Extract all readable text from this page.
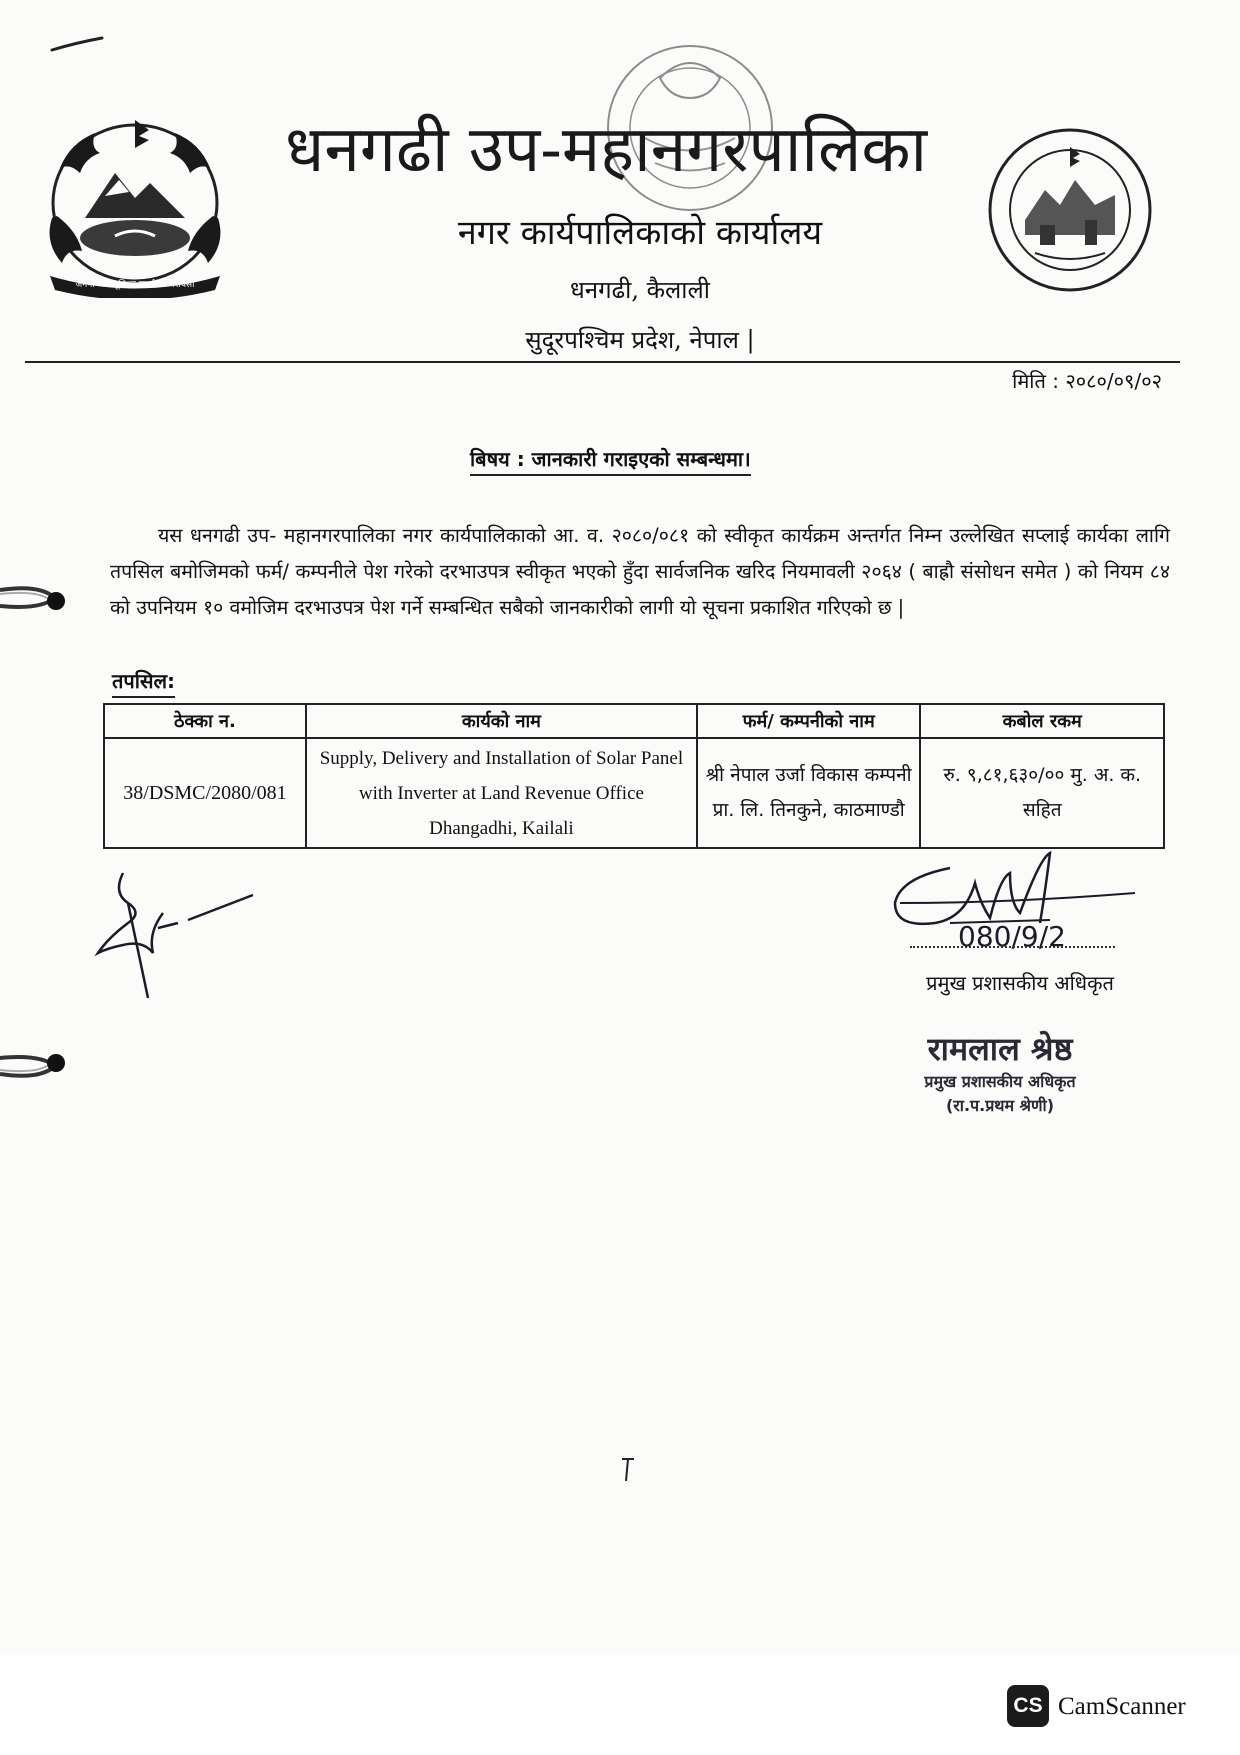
जननी जन्मभूमिश्च स्वर्गादपि गरीयसी
धनगढी उप-महानगरपालिका
नगर कार्यपालिकाको कार्यालय
धनगढी, कैलाली
सुदूरपश्चिम प्रदेश, नेपाल |
मिति : २०८०/०९/०२
बिषय : जानकारी गराइएको सम्बन्धमा।
यस धनगढी उप- महानगरपालिका नगर कार्यपालिकाको आ. व. २०८०/०८१ को स्वीकृत कार्यक्रम अन्तर्गत निम्न उल्लेखित सप्लाई कार्यका लागि तपसिल बमोजिमको फर्म/ कम्पनीले पेश गरेको दरभाउपत्र स्वीकृत भएको हुँदा सार्वजनिक खरिद नियमावली २०६४ ( बाह्रौ संसोधन समेत ) को नियम ८४ को उपनियम १० वमोजिम दरभाउपत्र पेश गर्ने सम्बन्धित सबैको जानकारीको लागी यो सूचना प्रकाशित गरिएको छ |
तपसिल:
ठेक्का न.	कार्यको नाम	फर्म/ कम्पनीको नाम	कबोल रकम
38/DSMC/2080/081	Supply, Delivery and Installation of Solar Panel with Inverter at Land Revenue Office Dhangadhi, Kailali	श्री नेपाल उर्जा विकास कम्पनी प्रा. लि. तिनकुने, काठमाण्डौ	रु. ९,८१,६३०/०० मु. अ. क. सहित
080/9/2
प्रमुख प्रशासकीय अधिकृत
रामलाल श्रेष्ठ
प्रमुख प्रशासकीय अधिकृत
(रा.प.प्रथम श्रेणी)
CS CamScanner
